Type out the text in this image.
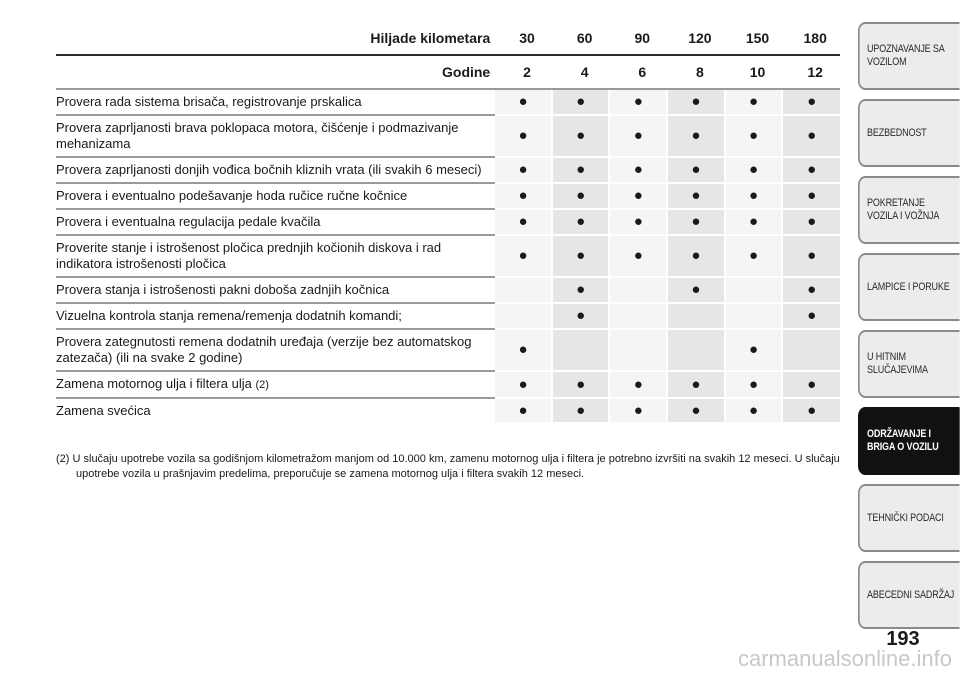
Hiljade kilometara	30	60	90	120	150	180
Godine	2	4	6	8	10	12
Provera rada sistema brisača, registrovanje prskalica	●	●	●	●	●	●
Provera zaprljanosti brava poklopaca motora, čišćenje i podmazivanje mehanizama	●	●	●	●	●	●
Provera zaprljanosti donjih vođica bočnih kliznih vrata (ili svakih 6 meseci)	●	●	●	●	●	●
Provera i eventualno podešavanje hoda ručice ručne kočnice	●	●	●	●	●	●
Provera i eventualna regulacija pedale kvačila	●	●	●	●	●	●
Proverite stanje i istrošenost pločica prednjih kočionih diskova i rad indikatora istrošenosti pločica	●	●	●	●	●	●
Provera stanja i istrošenosti pakni doboša zadnjih kočnica		●		●		●
Vizuelna kontrola stanja remena/remenja dodatnih komandi;		●				●
Provera zategnutosti remena dodatnih uređaja (verzije bez automatskog zatezača) (ili na svake 2 godine)	●				●	
Zamena motornog ulja i filtera ulja (2)	●	●	●	●	●	●
Zamena svećica	●	●	●	●	●	●
(2) U slučaju upotrebe vozila sa godišnjom kilometražom manjom od 10.000 km, zamenu motornog ulja i filtera je potrebno izvršiti na svakih 12 meseci. U slučaju upotrebe vozila u prašnjavim predelima, preporučuje se zamena motornog ulja i filtera svakih 12 meseci.
UPOZNAVANJE SA VOZILOM
BEZBEDNOST
POKRETANJE VOZILA I VOŽNJA
LAMPICE I PORUKE
U HITNIM SLUČAJEVIMA
ODRŽAVANJE I BRIGA O VOZILU
TEHNIČKI PODACI
ABECEDNI SADRŽAJ
193
carmanualsonline.info
